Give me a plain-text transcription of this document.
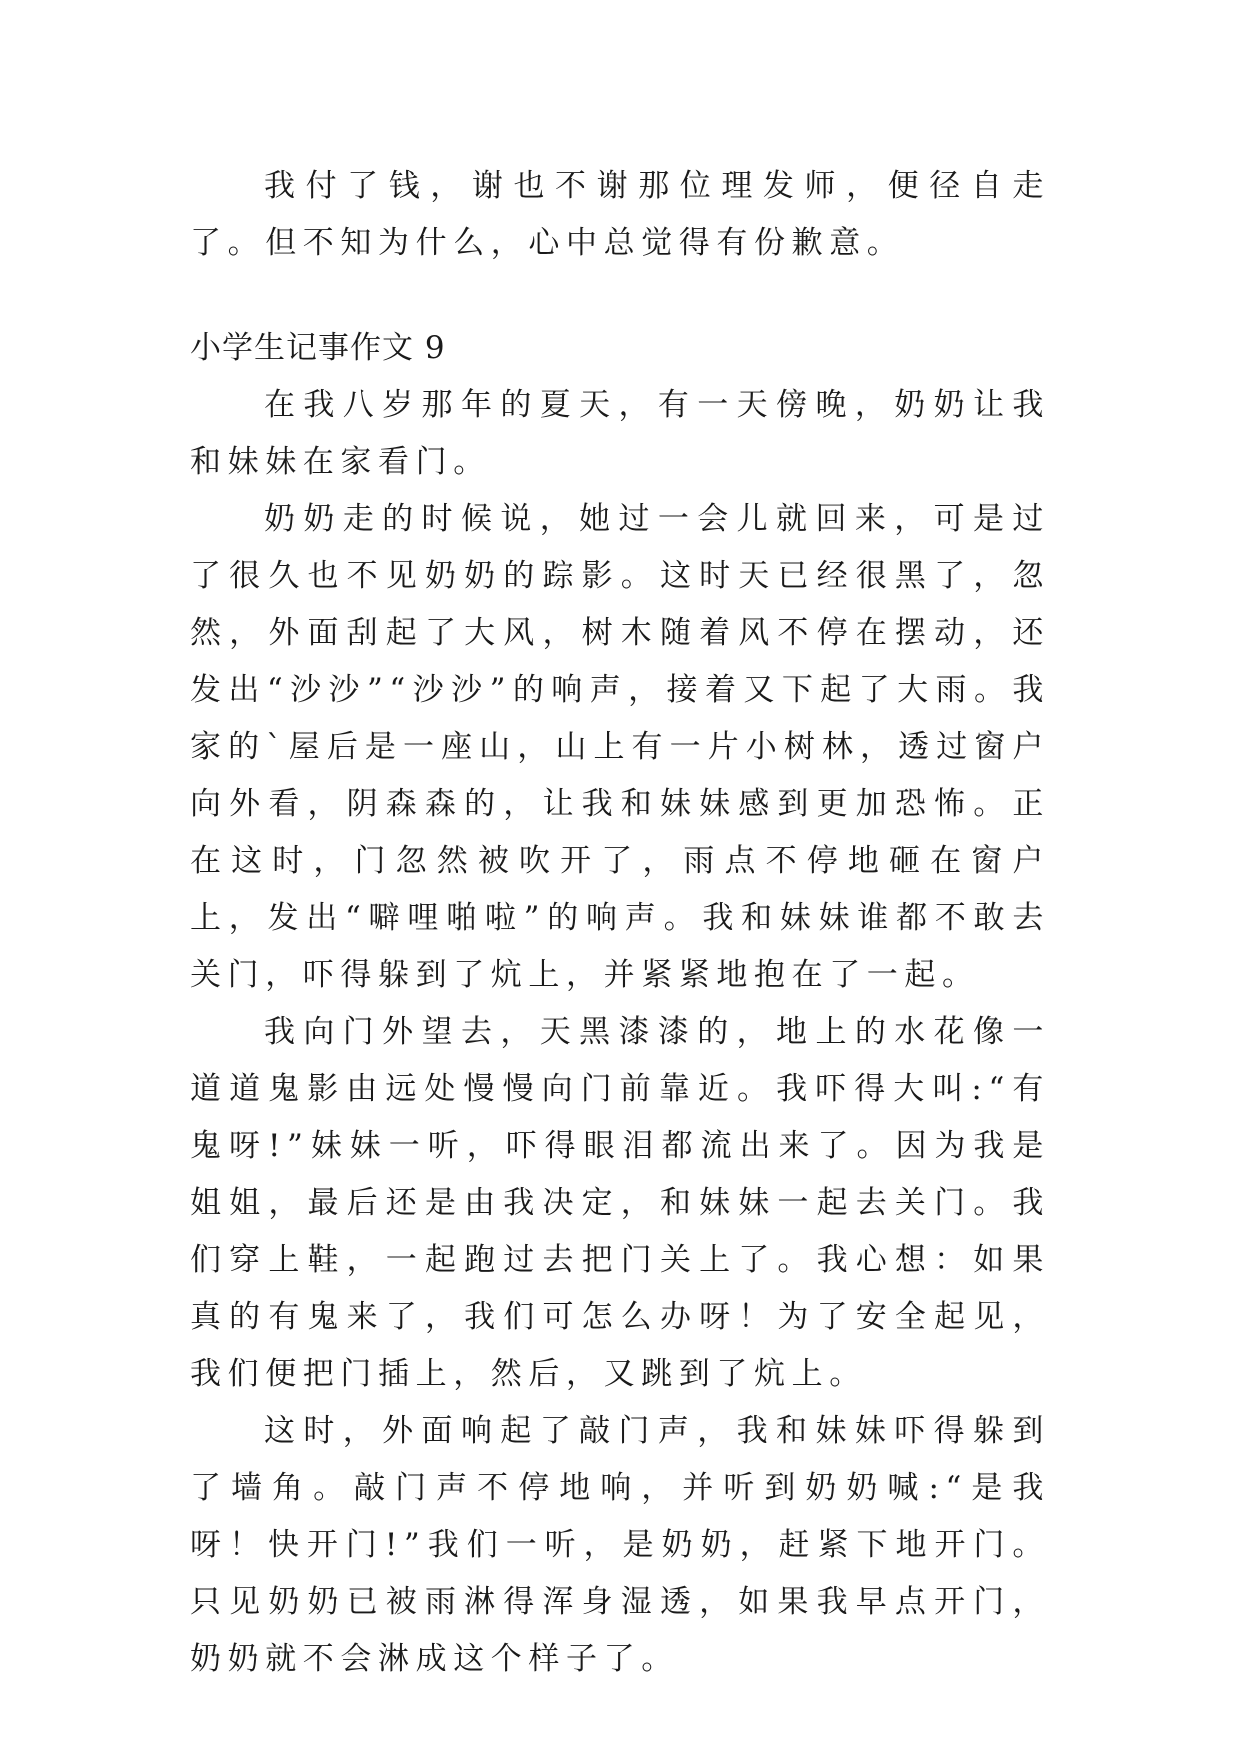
我付了钱，谢也不谢那位理发师，便径自走了。但不知为什么，心中总觉得有份歉意。

小学生记事作文 9

在我八岁那年的夏天，有一天傍晚，奶奶让我和妹妹在家看门。

奶奶走的时候说，她过一会儿就回来，可是过了很久也不见奶奶的踪影。这时天已经很黑了，忽然，外面刮起了大风，树木随着风不停在摆动，还发出“沙沙”“沙沙”的响声，接着又下起了大雨。我家的`屋后是一座山，山上有一片小树林，透过窗户向外看，阴森森的，让我和妹妹感到更加恐怖。正在这时，门忽然被吹开了，雨点不停地砸在窗户上，发出“噼哩啪啦”的响声。我和妹妹谁都不敢去关门，吓得躲到了炕上，并紧紧地抱在了一起。

我向门外望去，天黑漆漆的，地上的水花像一道道鬼影由远处慢慢向门前靠近。我吓得大叫:“有鬼呀!”妹妹一听，吓得眼泪都流出来了。因为我是姐姐，最后还是由我决定，和妹妹一起去关门。我们穿上鞋，一起跑过去把门关上了。我心想：如果真的有鬼来了，我们可怎么办呀！为了安全起见，我们便把门插上，然后，又跳到了炕上。

这时，外面响起了敲门声，我和妹妹吓得躲到了墙角。敲门声不停地响，并听到奶奶喊:“是我呀！快开门!”我们一听，是奶奶，赶紧下地开门。只见奶奶已被雨淋得浑身湿透，如果我早点开门，奶奶就不会淋成这个样子了。
